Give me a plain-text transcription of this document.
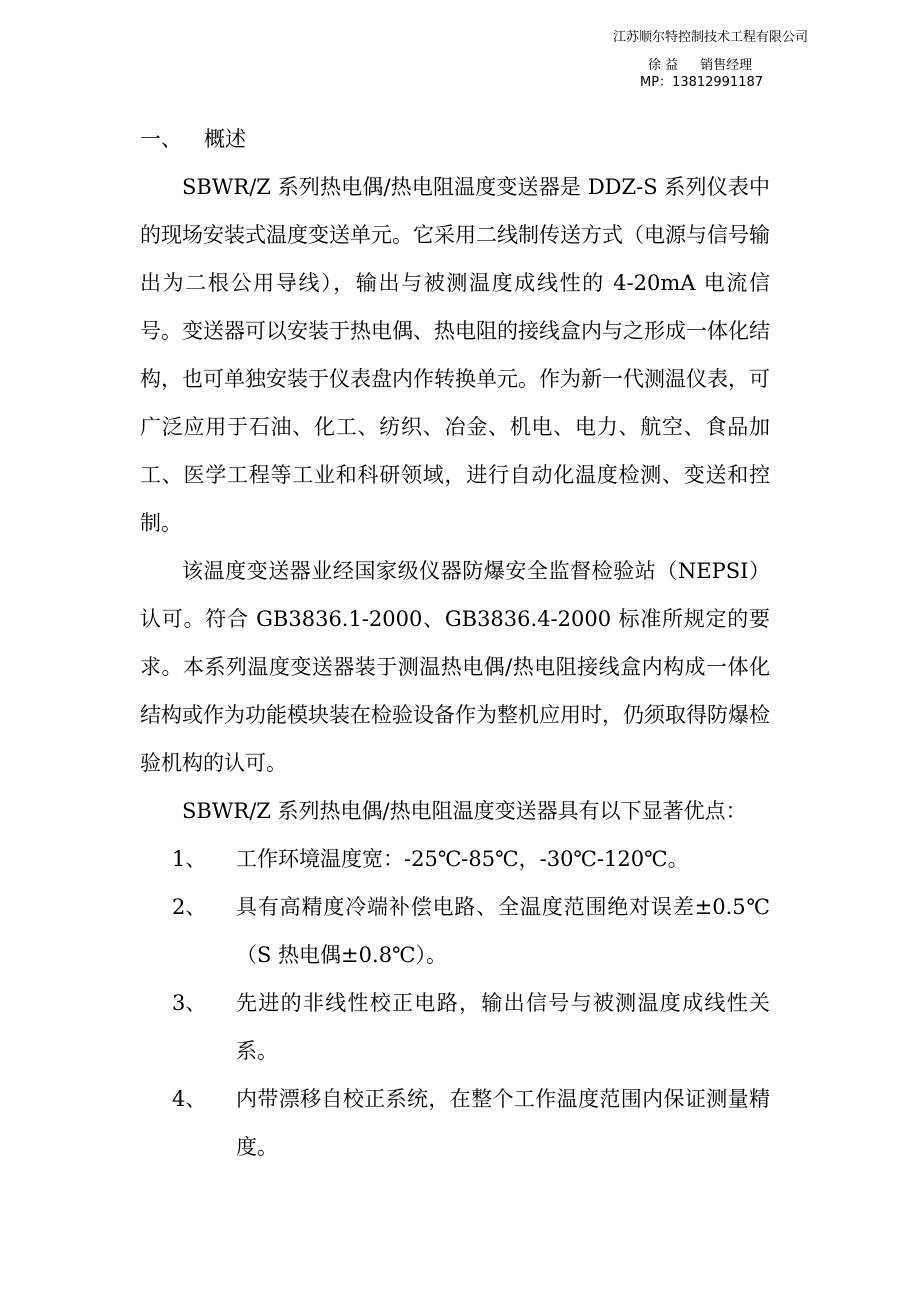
江苏顺尔特控制技术工程有限公司
徐 益 销售经理
MP：13812991187
一、 概述

SBWR/Z 系列热电偶/热电阻温度变送器是 DDZ-S 系列仪表中的现场安装式温度变送单元。它采用二线制传送方式（电源与信号输出为二根公用导线），输出与被测温度成线性的 4-20mA 电流信号。变送器可以安装于热电偶、热电阻的接线盒内与之形成一体化结构，也可单独安装于仪表盘内作转换单元。作为新一代测温仪表，可广泛应用于石油、化工、纺织、冶金、机电、电力、航空、食品加工、医学工程等工业和科研领域，进行自动化温度检测、变送和控制。

该温度变送器业经国家级仪器防爆安全监督检验站（NEPSI）认可。符合 GB3836.1-2000、GB3836.4-2000 标准所规定的要求。本系列温度变送器装于测温热电偶/热电阻接线盒内构成一体化结构或作为功能模块装在检验设备作为整机应用时，仍须取得防爆检验机构的认可。

SBWR/Z 系列热电偶/热电阻温度变送器具有以下显著优点：

1、 工作环境温度宽：-25℃-85℃，-30℃-120℃。
2、 具有高精度冷端补偿电路、全温度范围绝对误差±0.5℃（S 热电偶±0.8℃）。
3、 先进的非线性校正电路，输出信号与被测温度成线性关系。
4、 内带漂移自校正系统，在整个工作温度范围内保证测量精度。
